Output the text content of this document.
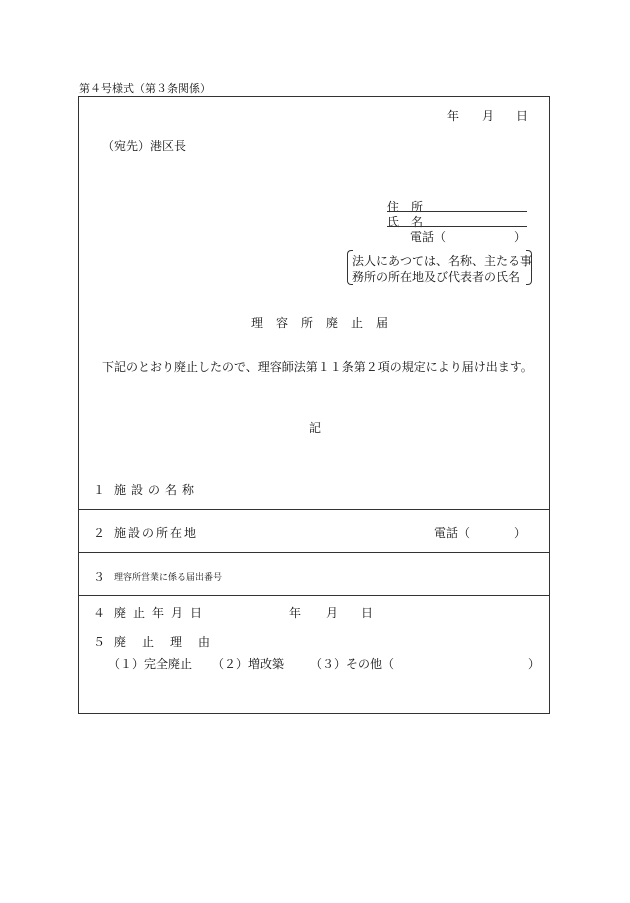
第４号様式（第３条関係）
年 月 日
（宛先）港区長
住　所
氏　名
電話（	）
法人にあつては、名称、主たる事
務所の所在地及び代表者の氏名
理容所廃止届
下記のとおり廃止したので、理容師法第１１条第２項の規定により届け出ます。
記
１ 施設の名称
２ 施設の所在地	電話（	）
３ 理容所営業に係る届出番号
４ 廃止年月日	年 月 日
５ 廃止理由
（１）完全廃止 （２）増改築 （３）その他（	）
